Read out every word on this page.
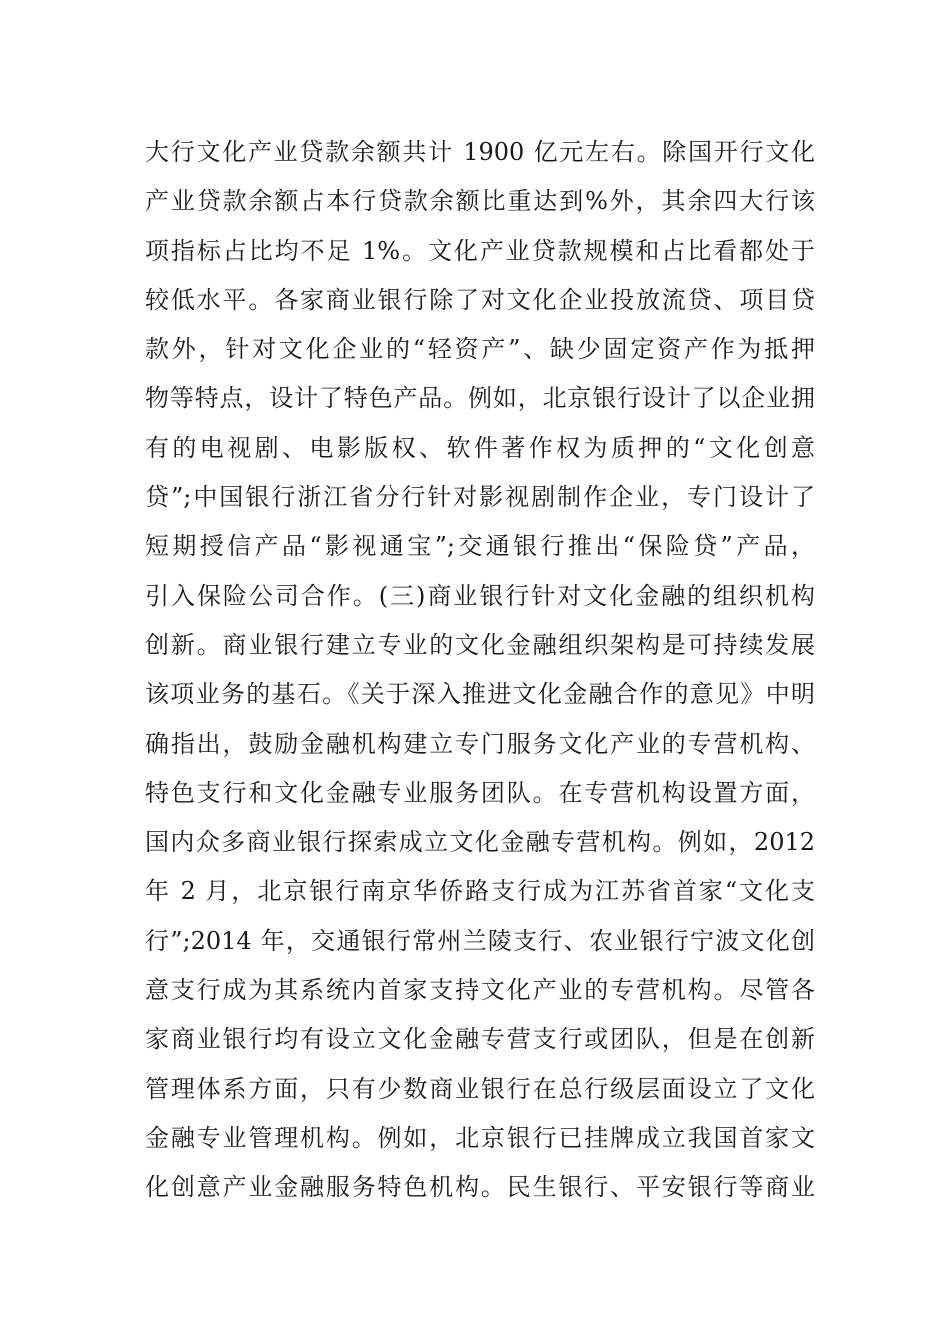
大行文化产业贷款余额共计 1900 亿元左右。除国开行文化
产业贷款余额占本行贷款余额比重达到%外，其余四大行该
项指标占比均不足 1%。文化产业贷款规模和占比看都处于
较低水平。各家商业银行除了对文化企业投放流贷、项目贷
款外，针对文化企业的“轻资产”、缺少固定资产作为抵押
物等特点，设计了特色产品。例如，北京银行设计了以企业拥
有的电视剧、电影版权、软件著作权为质押的“文化创意
贷”;中国银行浙江省分行针对影视剧制作企业，专门设计了
短期授信产品“影视通宝”;交通银行推出“保险贷”产品，
引入保险公司合作。(三)商业银行针对文化金融的组织机构
创新。商业银行建立专业的文化金融组织架构是可持续发展
该项业务的基石。《关于深入推进文化金融合作的意见》中明
确指出，鼓励金融机构建立专门服务文化产业的专营机构、
特色支行和文化金融专业服务团队。在专营机构设置方面，
国内众多商业银行探索成立文化金融专营机构。例如，2012
年 2 月，北京银行南京华侨路支行成为江苏省首家“文化支
行”;2014 年，交通银行常州兰陵支行、农业银行宁波文化创
意支行成为其系统内首家支持文化产业的专营机构。尽管各
家商业银行均有设立文化金融专营支行或团队，但是在创新
管理体系方面，只有少数商业银行在总行级层面设立了文化
金融专业管理机构。例如，北京银行已挂牌成立我国首家文
化创意产业金融服务特色机构。民生银行、平安银行等商业
